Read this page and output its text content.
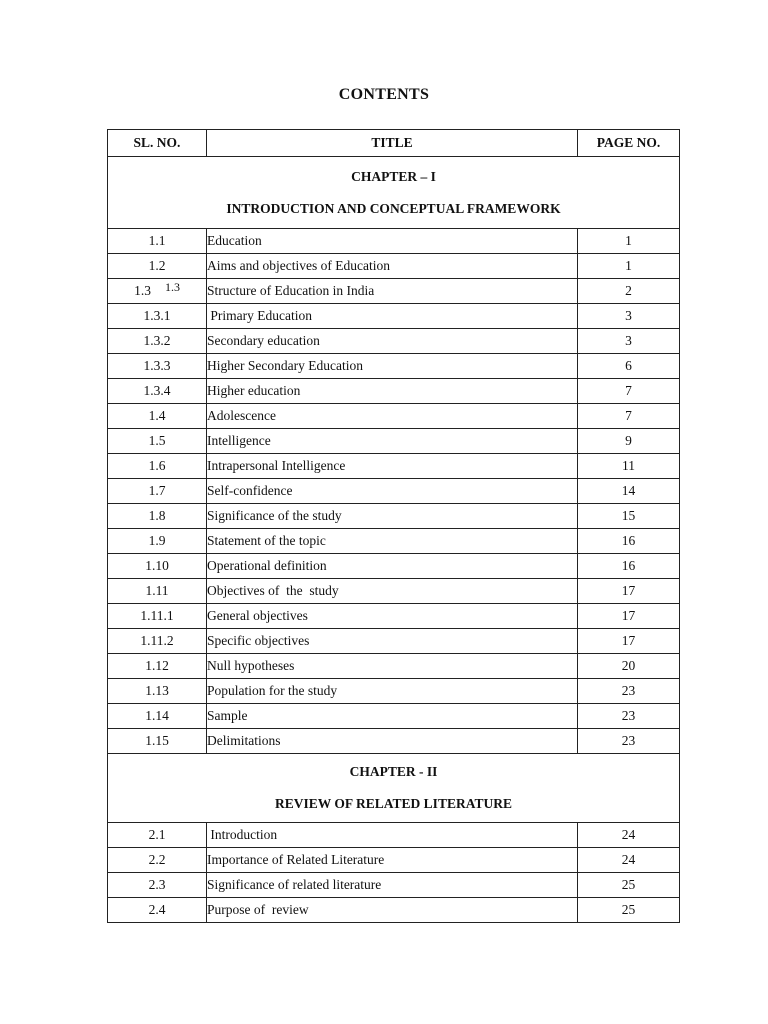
CONTENTS
SL. NO.	TITLE	PAGE NO.

CHAPTER – I
INTRODUCTION AND CONCEPTUAL FRAMEWORK		

1.1	Education	1
1.2	Aims and objectives of Education	1
1.3 1.3	Structure of Education in India	2
1.3.1	Primary Education	3
1.3.2	Secondary education	3
1.3.3	Higher Secondary Education	6
1.3.4	Higher education	7
1.4	Adolescence	7
1.5	Intelligence	9
1.6	Intrapersonal Intelligence	11
1.7	Self-confidence	14
1.8	Significance of the study	15
1.9	Statement of the topic	16
1.10	Operational definition	16
1.11	Objectives of  the  study	17
1.11.1	General objectives	17
1.11.2	Specific objectives	17
1.12	Null hypotheses	20
1.13	Population for the study	23
1.14	Sample	23
1.15	Delimitations	23

CHAPTER - II
REVIEW OF RELATED LITERATURE		

2.1	Introduction	24
2.2	Importance of Related Literature	24
2.3	Significance of related literature	25
2.4	Purpose of  review	25
